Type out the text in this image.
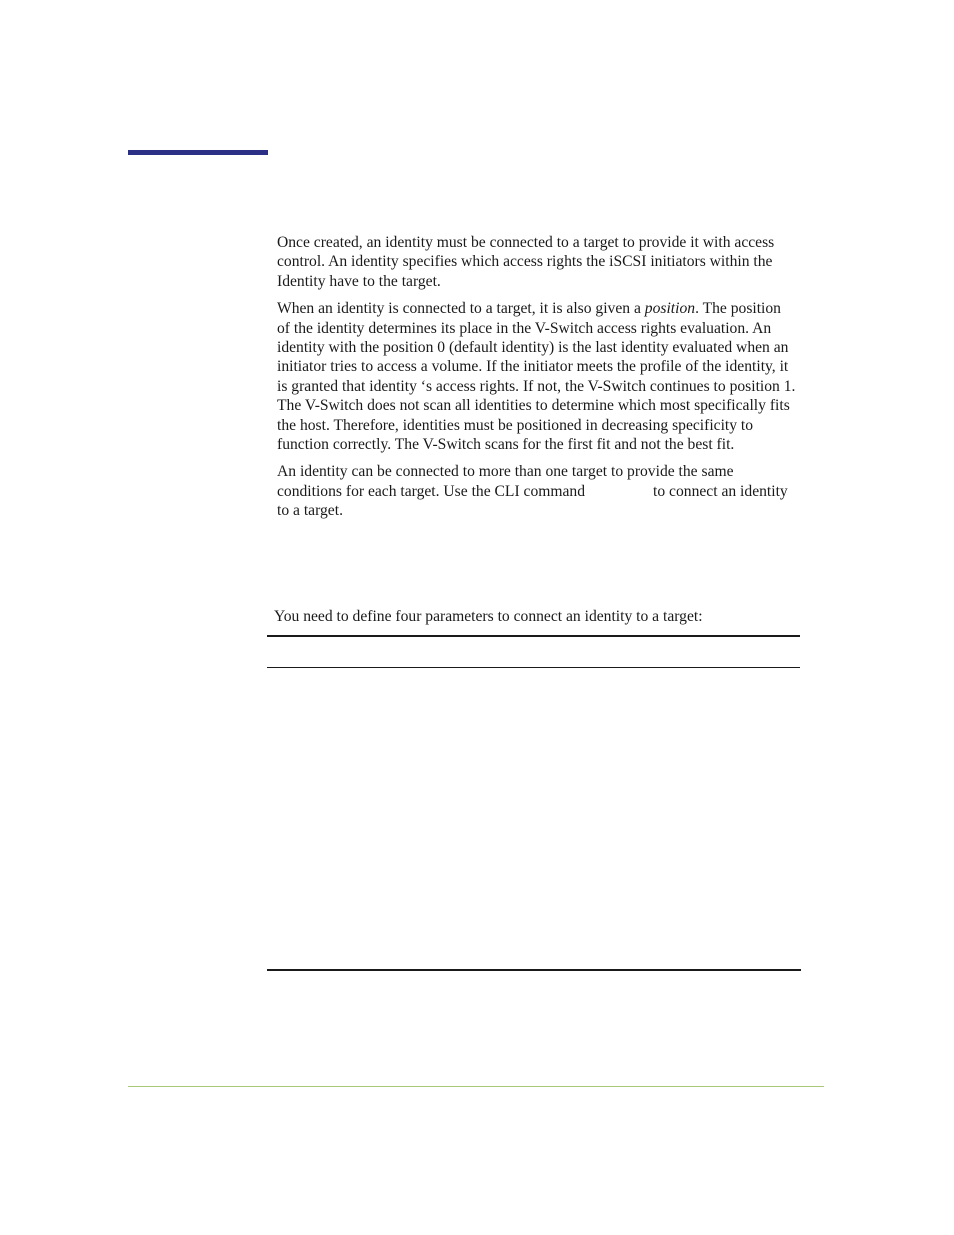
Once created, an identity must be connected to a target to provide it with access control. An identity specifies which access rights the iSCSI initiators within the Identity have to the target.

When an identity is connected to a target, it is also given a position. The position of the identity determines its place in the V-Switch access rights evaluation. An identity with the position 0 (default identity) is the last identity evaluated when an initiator tries to access a volume. If the initiator meets the profile of the identity, it is granted that identity ‘s access rights. If not, the V-Switch continues to position 1. The V-Switch does not scan all identities to determine which most specifically fits the host. Therefore, identities must be positioned in decreasing specificity to function correctly. The V-Switch scans for the first fit and not the best fit.

An identity can be connected to more than one target to provide the same conditions for each target. Use the CLI command	to connect an identity to a target.

You need to define four parameters to connect an identity to a target:
